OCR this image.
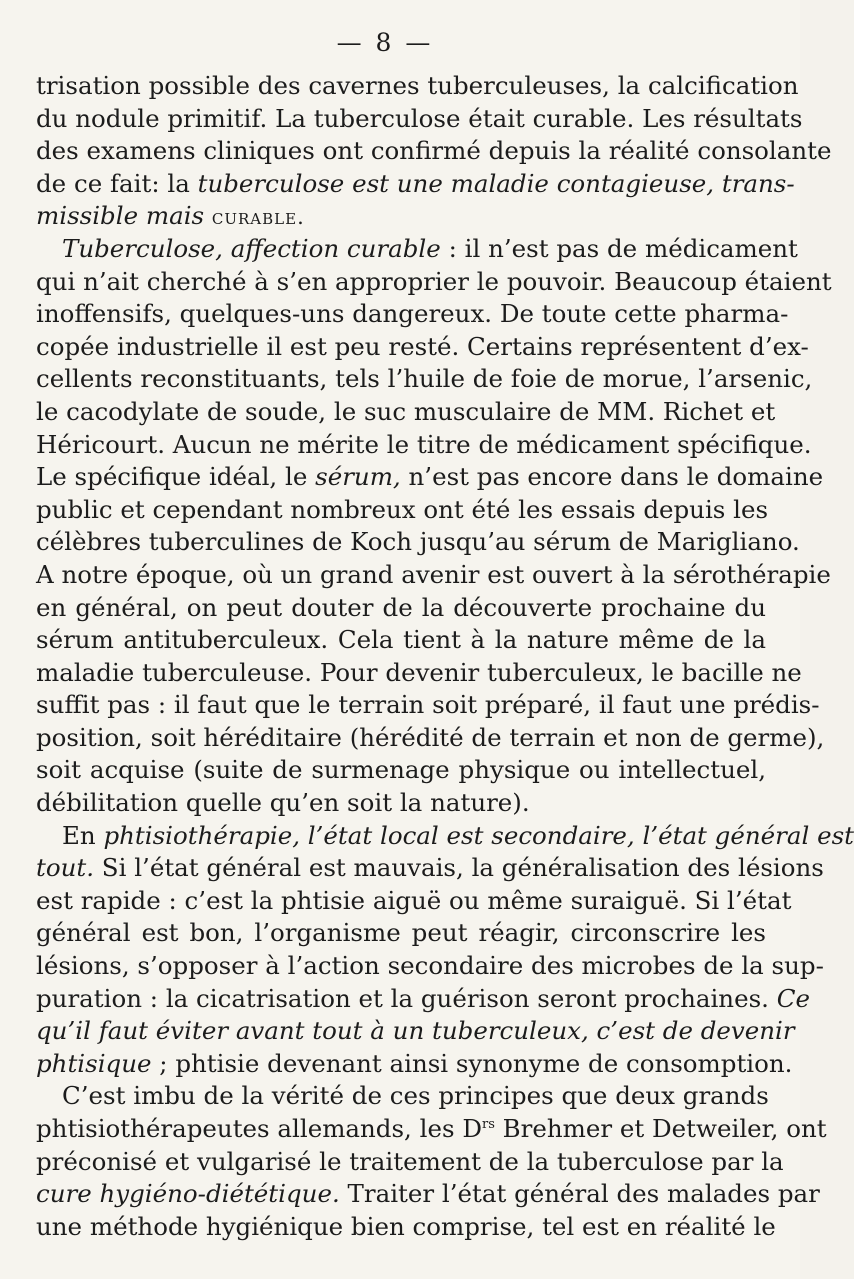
— 8 —
trisation possible des cavernes tuberculeuses, la calcification
du nodule primitif. La tuberculose était curable. Les résultats
des examens cliniques ont confirmé depuis la réalité consolante
de ce fait: la tuberculose est une maladie contagieuse, trans-
missible mais curable.
Tuberculose, affection curable : il n’est pas de médicament
qui n’ait cherché à s’en approprier le pouvoir. Beaucoup étaient
inoffensifs, quelques-uns dangereux. De toute cette pharma-
copée industrielle il est peu resté. Certains représentent d’ex-
cellents reconstituants, tels l’huile de foie de morue, l’arsenic,
le cacodylate de soude, le suc musculaire de MM. Richet et
Héricourt. Aucun ne mérite le titre de médicament spécifique.
Le spécifique idéal, le sérum, n’est pas encore dans le domaine
public et cependant nombreux ont été les essais depuis les
célèbres tuberculines de Koch jusqu’au sérum de Marigliano.
A notre époque, où un grand avenir est ouvert à la sérothérapie
en général, on peut douter de la découverte prochaine du
sérum antituberculeux. Cela tient à la nature même de la
maladie tuberculeuse. Pour devenir tuberculeux, le bacille ne
suffit pas : il faut que le terrain soit préparé, il faut une prédis-
position, soit héréditaire (hérédité de terrain et non de germe),
soit acquise (suite de surmenage physique ou intellectuel,
débilitation quelle qu’en soit la nature).
En phtisiothérapie, l’état local est secondaire, l’état général est
tout. Si l’état général est mauvais, la généralisation des lésions
est rapide : c’est la phtisie aiguë ou même suraiguë. Si l’état
général est bon, l’organisme peut réagir, circonscrire les
lésions, s’opposer à l’action secondaire des microbes de la sup-
puration : la cicatrisation et la guérison seront prochaines. Ce
qu’il faut éviter avant tout à un tuberculeux, c’est de devenir
phtisique ; phtisie devenant ainsi synonyme de consomption.
C’est imbu de la vérité de ces principes que deux grands
phtisiothérapeutes allemands, les $D^{rs}$ Brehmer et Detweiler, ont
préconisé et vulgarisé le traitement de la tuberculose par la
cure hygiéno-diététique. Traiter l’état général des malades par
une méthode hygiénique bien comprise, tel est en réalité le
